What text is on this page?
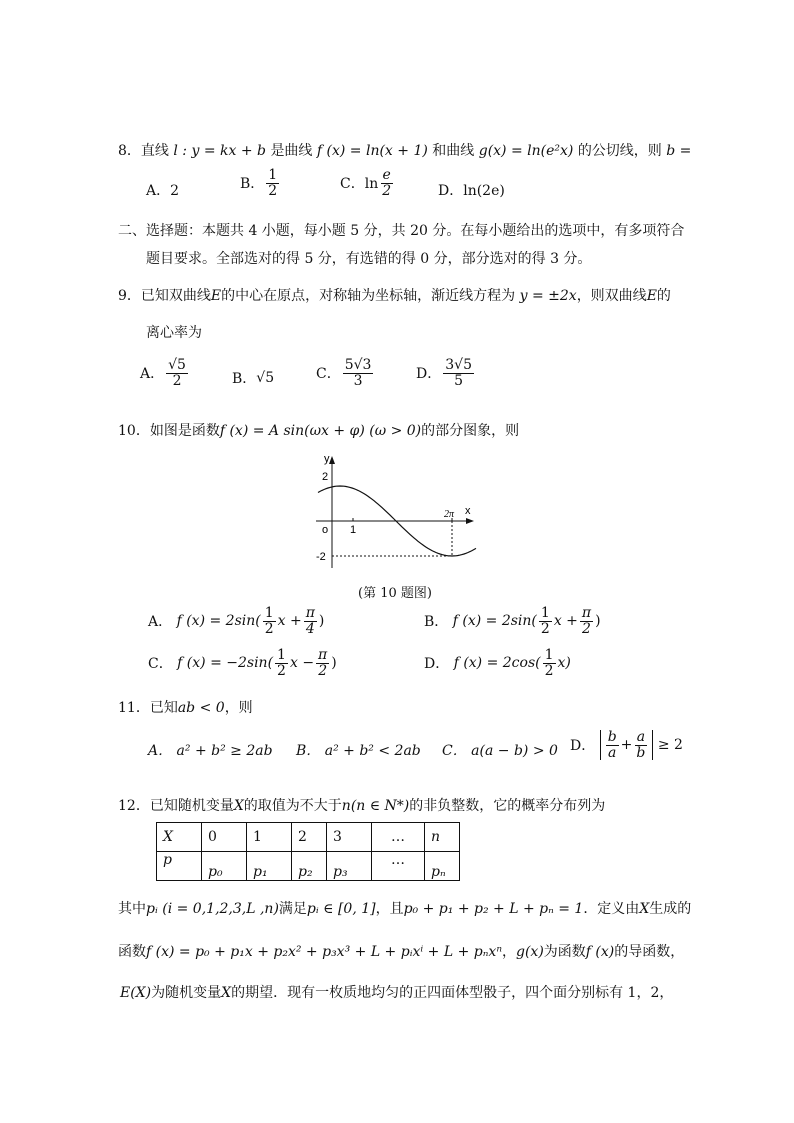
8．直线 l : y = kx + b 是曲线 f (x) = ln(x + 1) 和曲线 g(x) = ln(e²x) 的公切线，则 b =
A．2	B． $\frac{1}{2}$	C．$\ln \frac{e}{2}$	D．ln(2e)
二、选择题：本题共 4 小题，每小题 5 分，共 20 分。在每小题给出的选项中，有多项符合
题目要求。全部选对的得 5 分，有选错的得 0 分，部分选对的得 3 分。
9．已知双曲线E的中心在原点，对称轴为坐标轴，渐近线方程为 y = ±2x，则双曲线E的
离心率为
A． $\frac{√5}{2}$	B． √5	C． $\frac{5√3}{3}$	D． $\frac{3√5}{5}$
10．如图是函数f (x) = A sin(ωx + φ) (ω > 0)的部分图象，则
y
x
2
-2
o 1
2π
(第 10 题图)
A．
f $(x) = 2\sin( \frac{1}{2}$ $x + \frac{\pi}{4}$ )	B．
f $(x) = 2\sin( \frac{1}{2}$ $x + \frac{\pi}{2}$ )
C．
f $(x) = -2\sin( \frac{1}{2}$ $x - \frac{\pi}{2}$ )	D．
f $(x) = 2\cos( \frac{1}{2} x)$
11．已知ab < 0，则
A． a² + b² ≥ 2ab B． a² + b² < 2ab C． a(a − b) > 0 D．
$\frac{b}{a} + \frac{a}{b}$
≥ 2
12．已知随机变量X的取值为不大于n(n ∈ N*)的非负整数，它的概率分布列为
X	0	1	2	3	…	n
p	p₀	p₁	p₂	p₃	…	pₙ
其中pᵢ (i = 0,1,2,3,L ,n)满足pᵢ ∈ [0, 1]，且p₀ + p₁ + p₂ + L + pₙ = 1．定义由X生成的
函数f (x) = p₀ + p₁x + p₂x² + p₃x³ + L + pᵢxⁱ + L + pₙxⁿ，g(x)为函数f (x)的导函数，
E(X)为随机变量X的期望．现有一枚质地均匀的正四面体型骰子，四个面分别标有 1，2，
